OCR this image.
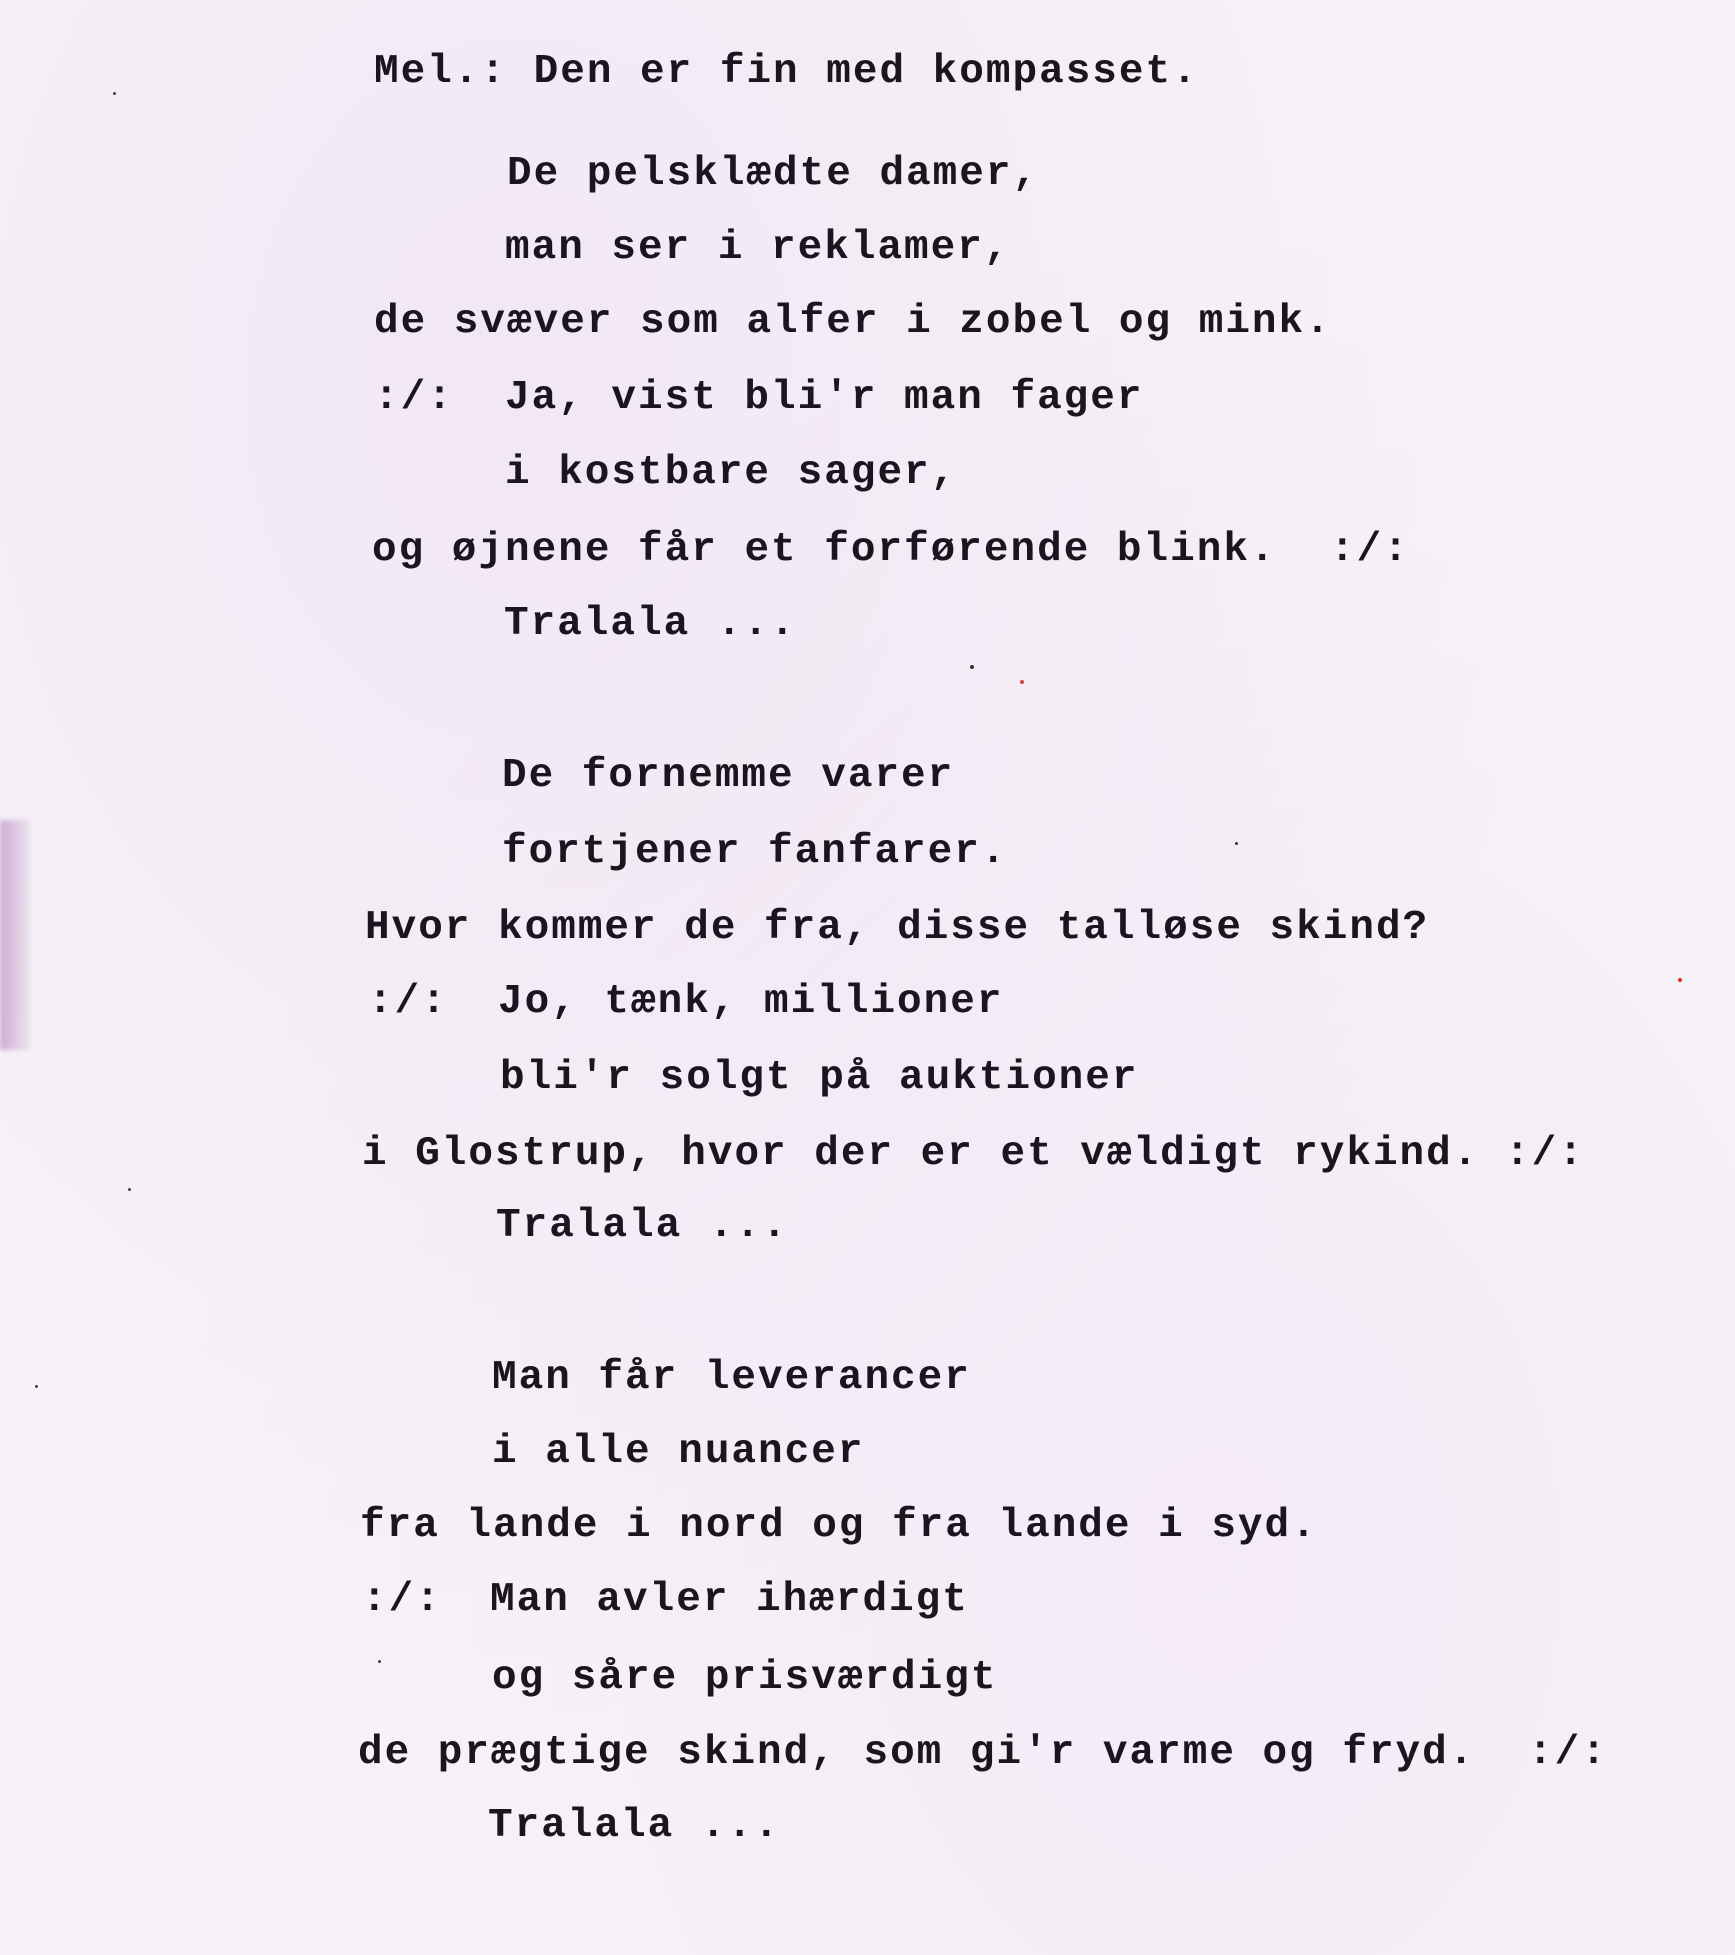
Mel.: Den er fin med kompasset.
De pelsklædte damer,
man ser i reklamer,
de svæver som alfer i zobel og mink.
:/: Ja, vist bli'r man fager
i kostbare sager,
og øjnene får et forførende blink. :/:
Tralala ...
De fornemme varer
fortjener fanfarer.
Hvor kommer de fra, disse talløse skind?
:/: Jo, tænk, millioner
bli'r solgt på auktioner
i Glostrup, hvor der er et vældigt rykind. :/:
Tralala ...
Man får leverancer
i alle nuancer
fra lande i nord og fra lande i syd.
:/: Man avler ihærdigt
og såre prisværdigt
de prægtige skind, som gi'r varme og fryd. :/:
Tralala ...
